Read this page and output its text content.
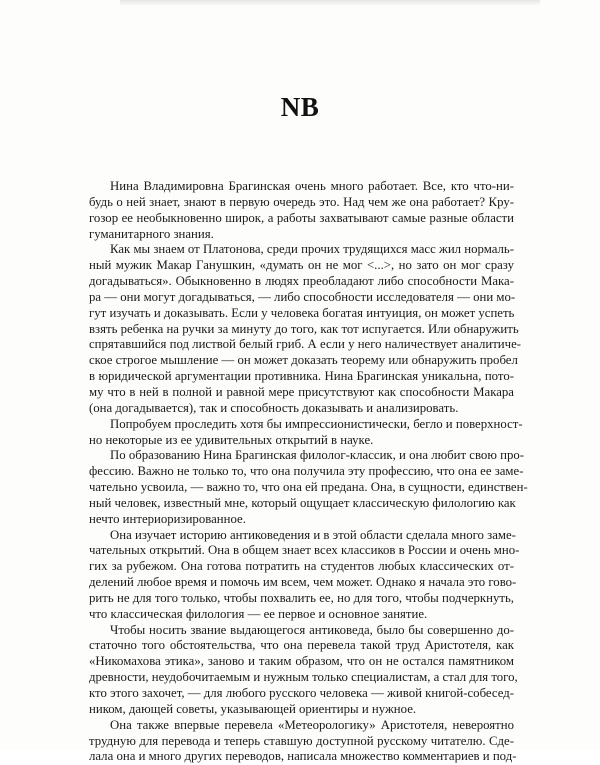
NB
Нина Владимировна Брагинская очень много работает. Все, кто что-ни-
будь о ней знает, знают в первую очередь это. Над чем же она работает? Кру-
гозор ее необыкновенно широк, а работы захватывают самые разные области
гуманитарного знания.
Как мы знаем от Платонова, среди прочих трудящихся масс жил нормаль-
ный мужик Макар Ганушкин, «думать он не мог <...>, но зато он мог сразу
догадываться». Обыкновенно в людях преобладают либо способности Мака-
ра — они могут догадываться, — либо способности исследователя — они мо-
гут изучать и доказывать. Если у человека богатая интуиция, он может успеть
взять ребенка на ручки за минуту до того, как тот испугается. Или обнаружить
спрятавшийся под листвой белый гриб. А если у него наличествует аналитиче-
ское строгое мышление — он может доказать теорему или обнаружить пробел
в юридической аргументации противника. Нина Брагинская уникальна, пото-
му что в ней в полной и равной мере присутствуют как способности Макара
(она догадывается), так и способность доказывать и анализировать.
Попробуем проследить хотя бы импрессионистически, бегло и поверхност-
но некоторые из ее удивительных открытий в науке.
По образованию Нина Брагинская филолог-классик, и она любит свою про-
фессию. Важно не только то, что она получила эту профессию, что она ее заме-
чательно усвоила, — важно то, что она ей предана. Она, в сущности, единствен-
ный человек, известный мне, который ощущает классическую филологию как
нечто интериоризированное.
Она изучает историю антиковедения и в этой области сделала много заме-
чательных открытий. Она в общем знает всех классиков в России и очень мно-
гих за рубежом. Она готова потратить на студентов любых классических от-
делений любое время и помочь им всем, чем может. Однако я начала это гово-
рить не для того только, чтобы похвалить ее, но для того, чтобы подчеркнуть,
что классическая филология — ее первое и основное занятие.
Чтобы носить звание выдающегося антиковеда, было бы совершенно до-
статочно того обстоятельства, что она перевела такой труд Аристотеля, как
«Никомахова этика», заново и таким образом, что он не остался памятником
древности, неудобочитаемым и нужным только специалистам, а стал для того,
кто этого захочет, — для любого русского человека — живой книгой-собесед-
ником, дающей советы, указывающей ориентиры и нужное.
Она также впервые перевела «Метеорологику» Аристотеля, невероятно
трудную для перевода и теперь ставшую доступной русскому читателю. Сде-
лала она и много других переводов, написала множество комментариев и под-
